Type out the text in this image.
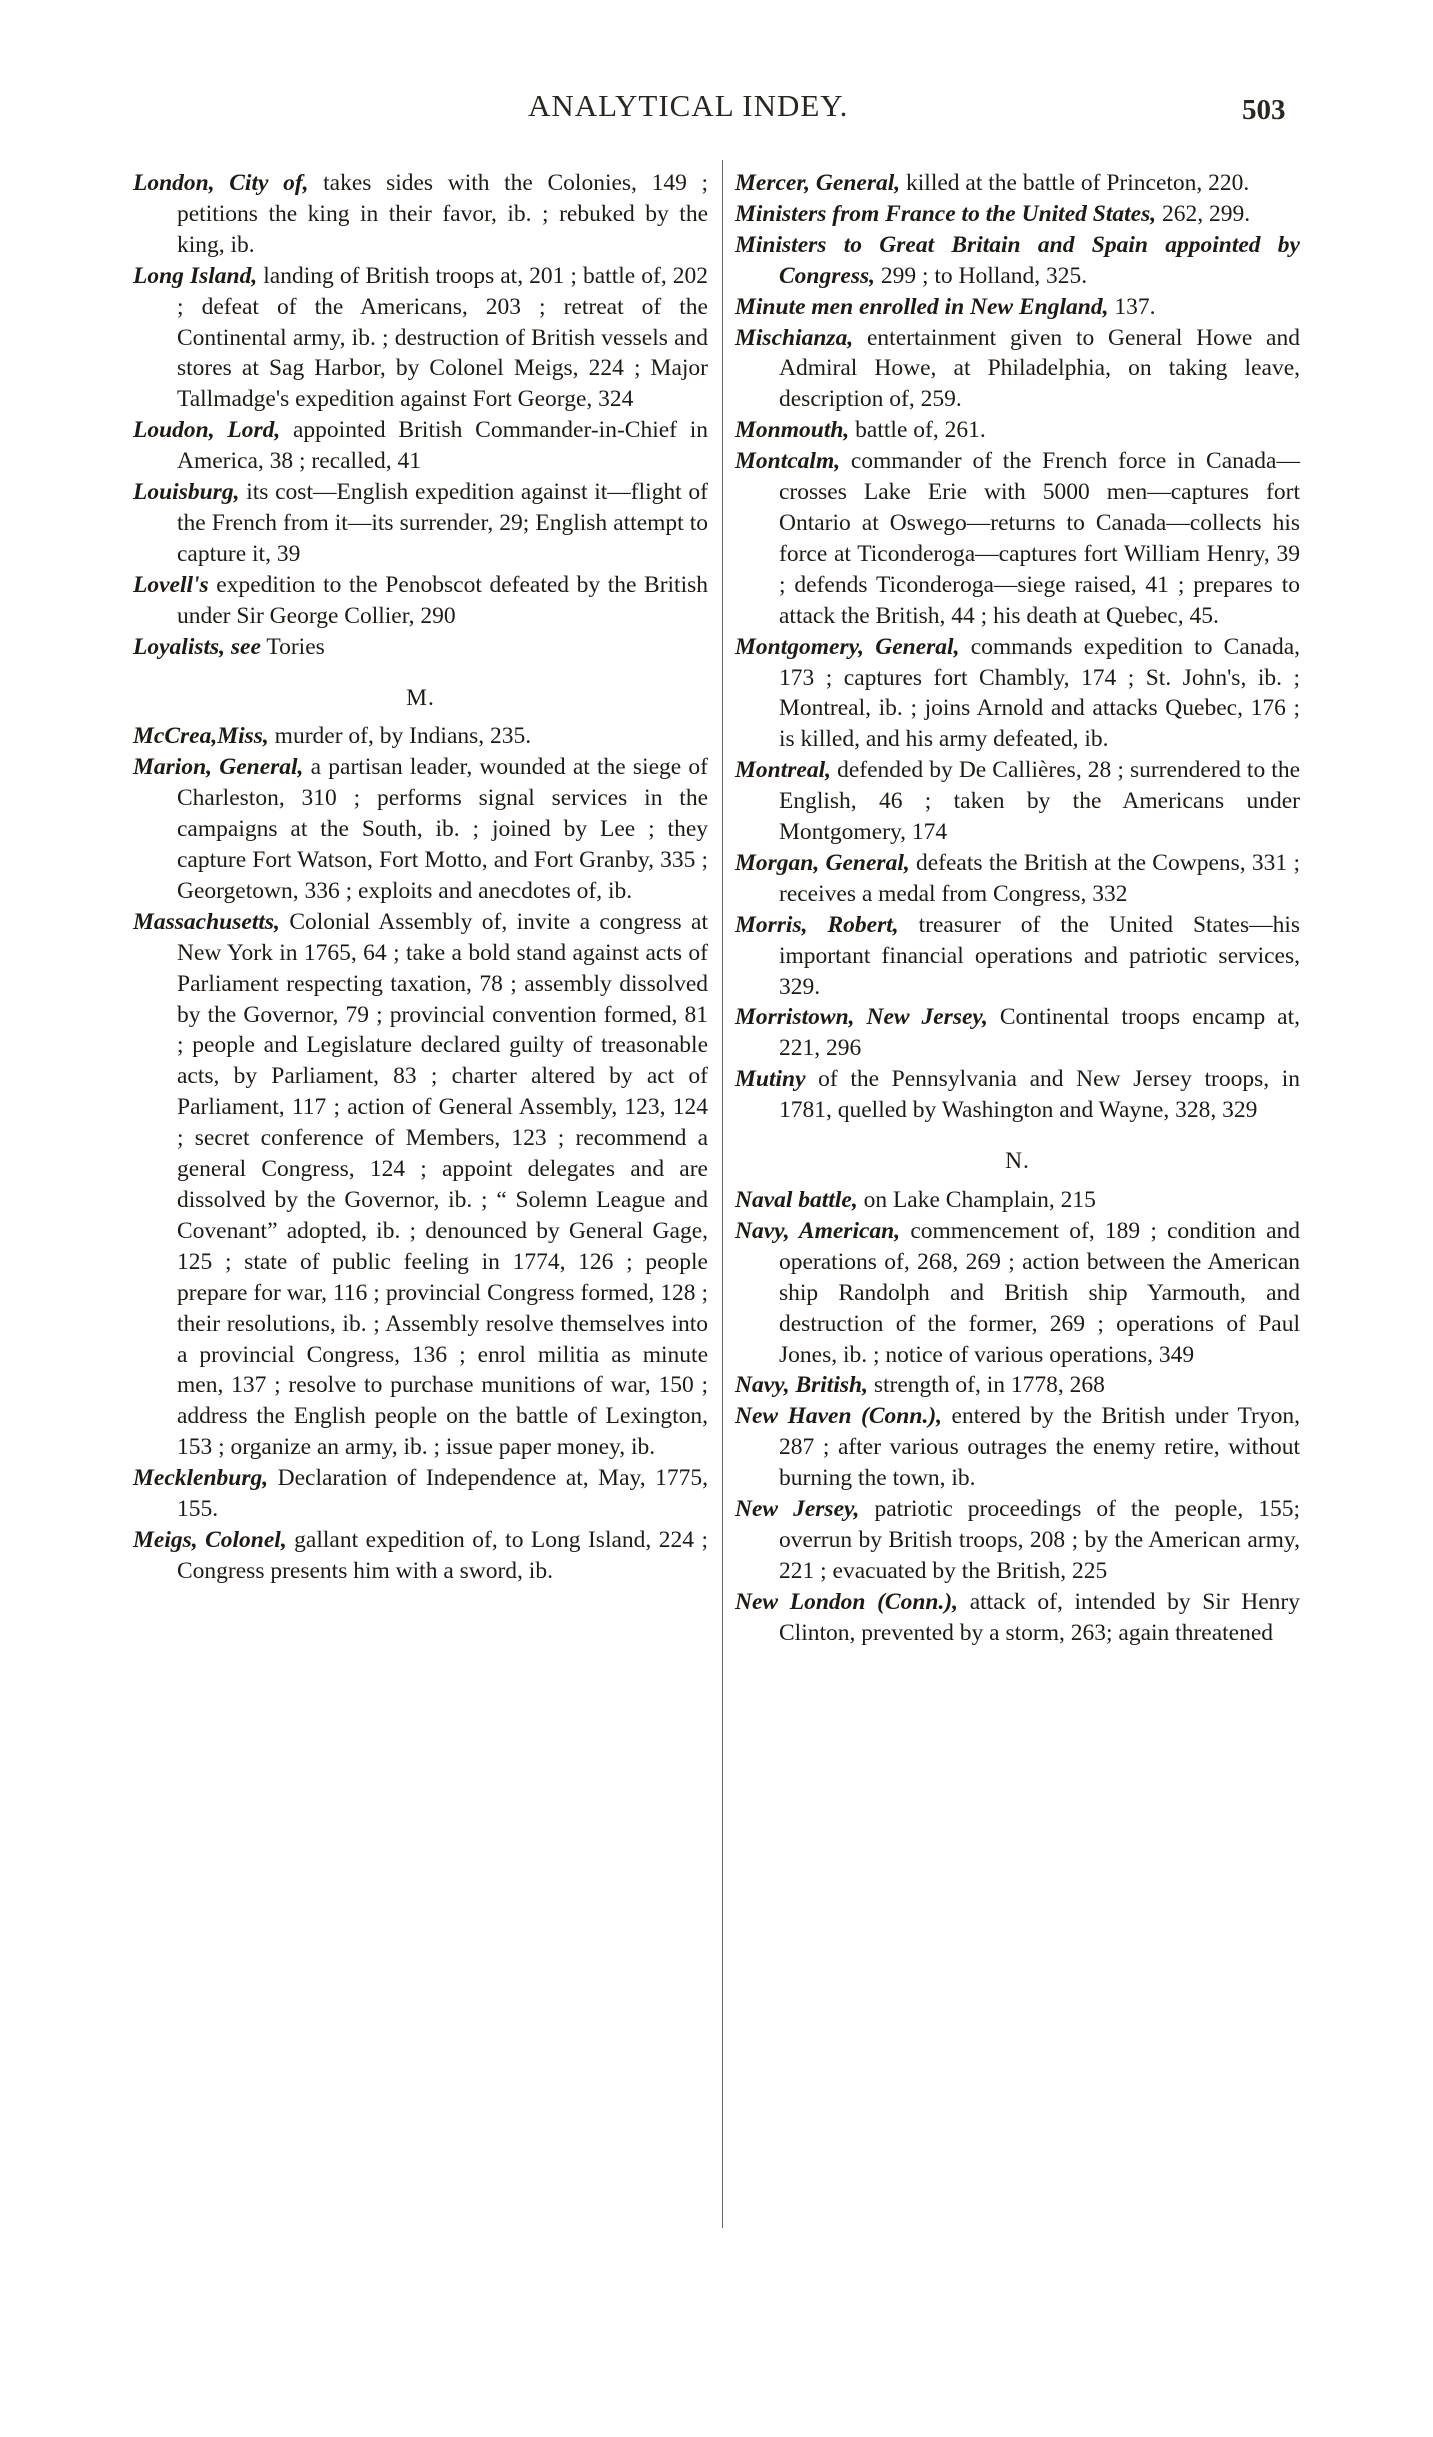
ANALYTICAL INDEY.	503

London, City of, takes sides with the Colonies, 149 ; petitions the king in their favor, ib. ; rebuked by the king, ib.

Long Island, landing of British troops at, 201 ; battle of, 202 ; defeat of the Americans, 203 ; retreat of the Continental army, ib. ; destruction of British vessels and stores at Sag Harbor, by Colonel Meigs, 224 ; Major Tallmadge's expedition against Fort George, 324

Loudon, Lord, appointed British Commander-in-Chief in America, 38 ; recalled, 41

Louisburg, its cost—English expedition against it—flight of the French from it—its surrender, 29; English attempt to capture it, 39

Lovell's expedition to the Penobscot defeated by the British under Sir George Collier, 290

Loyalists, see Tories

M.

McCrea,Miss, murder of, by Indians, 235.

Marion, General, a partisan leader, wounded at the siege of Charleston, 310 ; performs signal services in the campaigns at the South, ib. ; joined by Lee ; they capture Fort Watson, Fort Motto, and Fort Granby, 335 ; Georgetown, 336 ; exploits and anecdotes of, ib.

Massachusetts, Colonial Assembly of, invite a congress at New York in 1765, 64 ; take a bold stand against acts of Parliament respecting taxation, 78 ; assembly dissolved by the Governor, 79 ; provincial convention formed, 81 ; people and Legislature declared guilty of treasonable acts, by Parliament, 83 ; charter altered by act of Parliament, 117 ; action of General Assembly, 123, 124 ; secret conference of Members, 123 ; recommend a general Congress, 124 ; appoint delegates and are dissolved by the Governor, ib. ; “ Solemn League and Covenant” adopted, ib. ; denounced by General Gage, 125 ; state of public feeling in 1774, 126 ; people prepare for war, 116 ; provincial Congress formed, 128 ; their resolutions, ib. ; Assembly resolve themselves into a provincial Congress, 136 ; enrol militia as minute men, 137 ; resolve to purchase munitions of war, 150 ; address the English people on the battle of Lexington, 153 ; organize an army, ib. ; issue paper money, ib.

Mecklenburg, Declaration of Independence at, May, 1775, 155.

Meigs, Colonel, gallant expedition of, to Long Island, 224 ; Congress presents him with a sword, ib.

Mercer, General, killed at the battle of Princeton, 220.

Ministers from France to the United States, 262, 299.

Ministers to Great Britain and Spain appointed by Congress, 299 ; to Holland, 325.

Minute men enrolled in New England, 137.

Mischianza, entertainment given to General Howe and Admiral Howe, at Philadelphia, on taking leave, description of, 259.

Monmouth, battle of, 261.

Montcalm, commander of the French force in Canada—crosses Lake Erie with 5000 men—captures fort Ontario at Oswego—returns to Canada—collects his force at Ticonderoga—captures fort William Henry, 39 ; defends Ticonderoga—siege raised, 41 ; prepares to attack the British, 44 ; his death at Quebec, 45.

Montgomery, General, commands expedition to Canada, 173 ; captures fort Chambly, 174 ; St. John's, ib. ; Montreal, ib. ; joins Arnold and attacks Quebec, 176 ; is killed, and his army defeated, ib.

Montreal, defended by De Callières, 28 ; surrendered to the English, 46 ; taken by the Americans under Montgomery, 174

Morgan, General, defeats the British at the Cowpens, 331 ; receives a medal from Congress, 332

Morris, Robert, treasurer of the United States—his important financial operations and patriotic services, 329.

Morristown, New Jersey, Continental troops encamp at, 221, 296

Mutiny of the Pennsylvania and New Jersey troops, in 1781, quelled by Washington and Wayne, 328, 329

N.

Naval battle, on Lake Champlain, 215

Navy, American, commencement of, 189 ; condition and operations of, 268, 269 ; action between the American ship Randolph and British ship Yarmouth, and destruction of the former, 269 ; operations of Paul Jones, ib. ; notice of various operations, 349

Navy, British, strength of, in 1778, 268

New Haven (Conn.), entered by the British under Tryon, 287 ; after various outrages the enemy retire, without burning the town, ib.

New Jersey, patriotic proceedings of the people, 155; overrun by British troops, 208 ; by the American army, 221 ; evacuated by the British, 225

New London (Conn.), attack of, intended by Sir Henry Clinton, prevented by a storm, 263; again threatened
